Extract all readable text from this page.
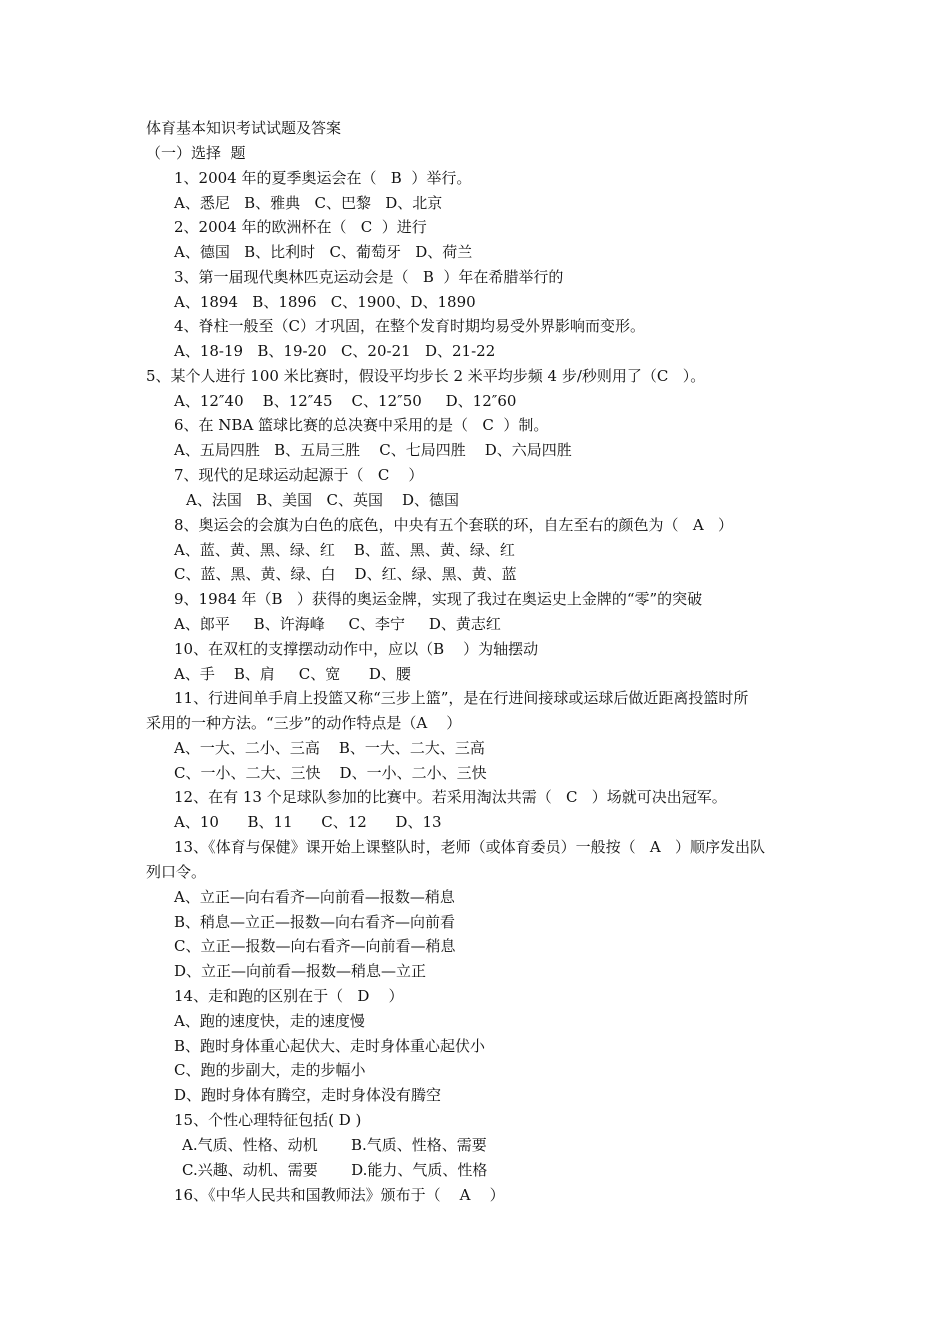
体育基本知识考试试题及答案
（一）选择  题
1、2004 年的夏季奥运会在（   B  ）举行。
A、悉尼   B、雅典   C、巴黎   D、北京
2、2004 年的欧洲杯在（   C  ）进行
A、德国   B、比利时   C、葡萄牙   D、荷兰
3、第一届现代奥林匹克运动会是（   B  ）年在希腊举行的
A、1894   B、1896   C、1900、D、1890
4、脊柱一般至（C）才巩固，在整个发育时期均易受外界影响而变形。
A、18-19   B、19-20   C、20-21   D、21-22
5、某个人进行 100 米比赛时，假设平均步长 2 米平均步频 4 步/秒则用了（C   ）。
A、12″40    B、12″45    C、12″50     D、12″60
6、在 NBA 篮球比赛的总决赛中采用的是（   C  ）制。
A、五局四胜   B、五局三胜    C、七局四胜    D、六局四胜
7、现代的足球运动起源于（   C    ）
A、法国   B、美国   C、英国    D、德国
8、奥运会的会旗为白色的底色，中央有五个套联的环，自左至右的颜色为（   A   ）
A、蓝、黄、黑、绿、红    B、蓝、黑、黄、绿、红
C、蓝、黑、黄、绿、白    D、红、绿、黑、黄、蓝
9、1984 年（B   ）获得的奥运金牌，实现了我过在奥运史上金牌的“零”的突破
A、郎平     B、许海峰     C、李宁     D、黄志红
10、在双杠的支撑摆动动作中，应以（B    ）为轴摆动
A、手    B、肩     C、宽      D、腰
11、行进间单手肩上投篮又称“三步上篮”，是在行进间接球或运球后做近距离投篮时所
采用的一种方法。“三步”的动作特点是（A    ）
A、一大、二小、三高    B、一大、二大、三高
C、一小、二大、三快    D、一小、二小、三快
12、在有 13 个足球队参加的比赛中。若采用淘汰共需（   C   ）场就可决出冠军。
A、10      B、11      C、12      D、13
13、《体育与保健》课开始上课整队时，老师（或体育委员）一般按（   A   ）顺序发出队
列口令。
A、立正—向右看齐—向前看—报数—稍息
B、稍息—立正—报数—向右看齐—向前看
C、立正—报数—向右看齐—向前看—稍息
D、立正—向前看—报数—稍息—立正
14、走和跑的区别在于（   D    ）
A、跑的速度快，走的速度慢
B、跑时身体重心起伏大、走时身体重心起伏小
C、跑的步副大，走的步幅小
D、跑时身体有腾空，走时身体没有腾空
15、个性心理特征包括( D )
A.气质、性格、动机       B.气质、性格、需要
C.兴趣、动机、需要       D.能力、气质、性格
16、《中华人民共和国教师法》颁布于（    A    ）
